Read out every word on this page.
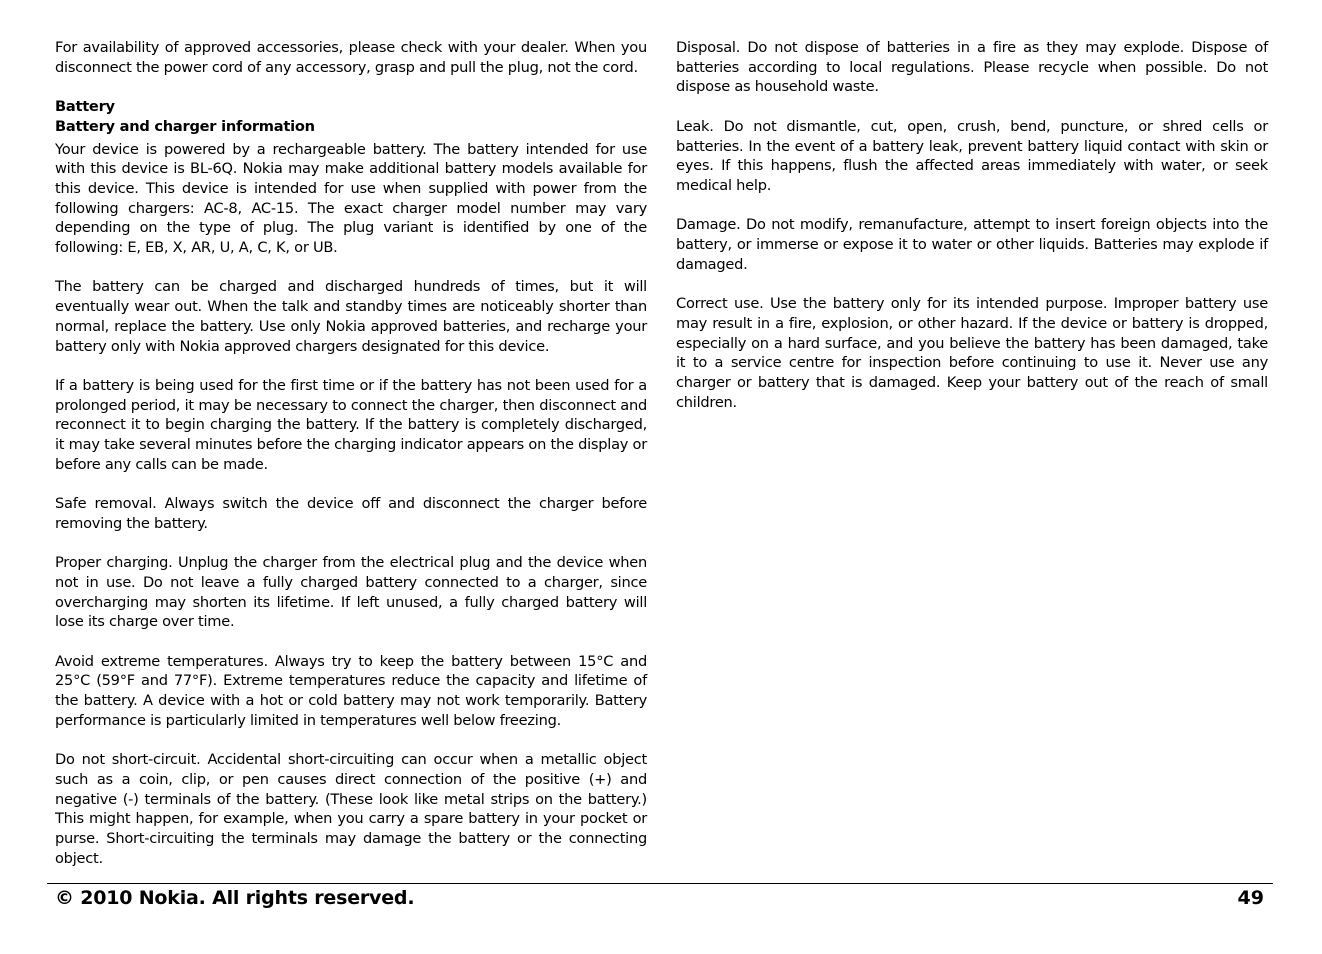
For availability of approved accessories, please check with your dealer. When you disconnect the power cord of any accessory, grasp and pull the plug, not the cord.

Battery
Battery and charger information

Your device is powered by a rechargeable battery. The battery intended for use with this device is BL-6Q. Nokia may make additional battery models available for this device. This device is intended for use when supplied with power from the following chargers: AC-8, AC-15. The exact charger model number may vary depending on the type of plug. The plug variant is identified by one of the following: E, EB, X, AR, U, A, C, K, or UB.

The battery can be charged and discharged hundreds of times, but it will eventually wear out. When the talk and standby times are noticeably shorter than normal, replace the battery. Use only Nokia approved batteries, and recharge your battery only with Nokia approved chargers designated for this device.

If a battery is being used for the first time or if the battery has not been used for a prolonged period, it may be necessary to connect the charger, then disconnect and reconnect it to begin charging the battery. If the battery is completely discharged, it may take several minutes before the charging indicator appears on the display or before any calls can be made.

Safe removal. Always switch the device off and disconnect the charger before removing the battery.

Proper charging. Unplug the charger from the electrical plug and the device when not in use. Do not leave a fully charged battery connected to a charger, since overcharging may shorten its lifetime. If left unused, a fully charged battery will lose its charge over time.

Avoid extreme temperatures. Always try to keep the battery between 15°C and 25°C (59°F and 77°F). Extreme temperatures reduce the capacity and lifetime of the battery. A device with a hot or cold battery may not work temporarily. Battery performance is particularly limited in temperatures well below freezing.

Do not short-circuit. Accidental short-circuiting can occur when a metallic object such as a coin, clip, or pen causes direct connection of the positive (+) and negative (-) terminals of the battery. (These look like metal strips on the battery.) This might happen, for example, when you carry a spare battery in your pocket or purse. Short-circuiting the terminals may damage the battery or the connecting object.

Disposal. Do not dispose of batteries in a fire as they may explode. Dispose of batteries according to local regulations. Please recycle when possible. Do not dispose as household waste.

Leak. Do not dismantle, cut, open, crush, bend, puncture, or shred cells or batteries. In the event of a battery leak, prevent battery liquid contact with skin or eyes. If this happens, flush the affected areas immediately with water, or seek medical help.

Damage. Do not modify, remanufacture, attempt to insert foreign objects into the battery, or immerse or expose it to water or other liquids. Batteries may explode if damaged.

Correct use. Use the battery only for its intended purpose. Improper battery use may result in a fire, explosion, or other hazard. If the device or battery is dropped, especially on a hard surface, and you believe the battery has been damaged, take it to a service centre for inspection before continuing to use it. Never use any charger or battery that is damaged. Keep your battery out of the reach of small children.

© 2010 Nokia. All rights reserved.	49
